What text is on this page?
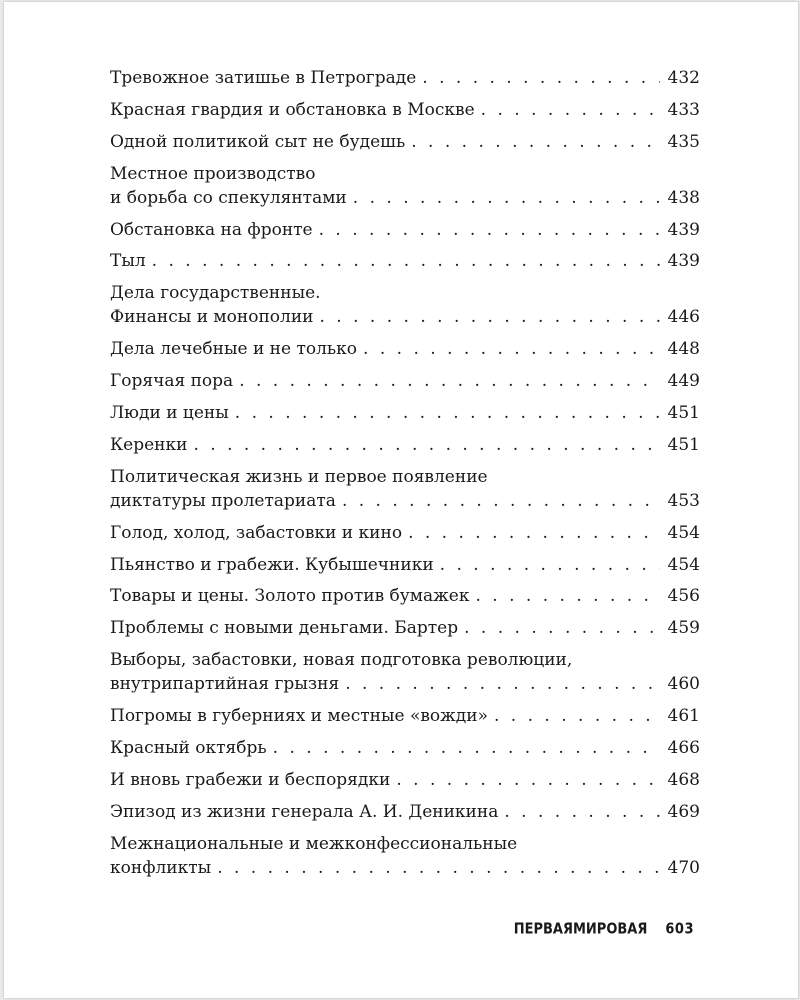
Тревожное затишье в Петрограде . . .	432
Красная гвардия и обстановка в Москве . . .	433
Одной политикой сыт не будешь . . .	435
Местное производство
и борьба со спекулянтами . . .	438
Обстановка на фронте . . .	439
Тыл . . .	439
Дела государственные.
Финансы и монополии . . .	446
Дела лечебные и не только . . .	448
Горячая пора . . .	449
Люди и цены . . .	451
Керенки . . .	451
Политическая жизнь и первое появление
диктатуры пролетариата . . .	453
Голод, холод, забастовки и кино . . .	454
Пьянство и грабежи. Кубышечники . . .	454
Товары и цены. Золото против бумажек . . .	456
Проблемы с новыми деньгами. Бартер . . .	459
Выборы, забастовки, новая подготовка революции,
внутрипартийная грызня . . .	460
Погромы в губерниях и местные «вожди» . . .	461
Красный октябрь . . .	466
И вновь грабежи и беспорядки . . .	468
Эпизод из жизни генерала А. И. Деникина . . .	469
Межнациональные и межконфессиональные
конфликты . . .	470
ПЕРВАЯМИРОВАЯ 603
